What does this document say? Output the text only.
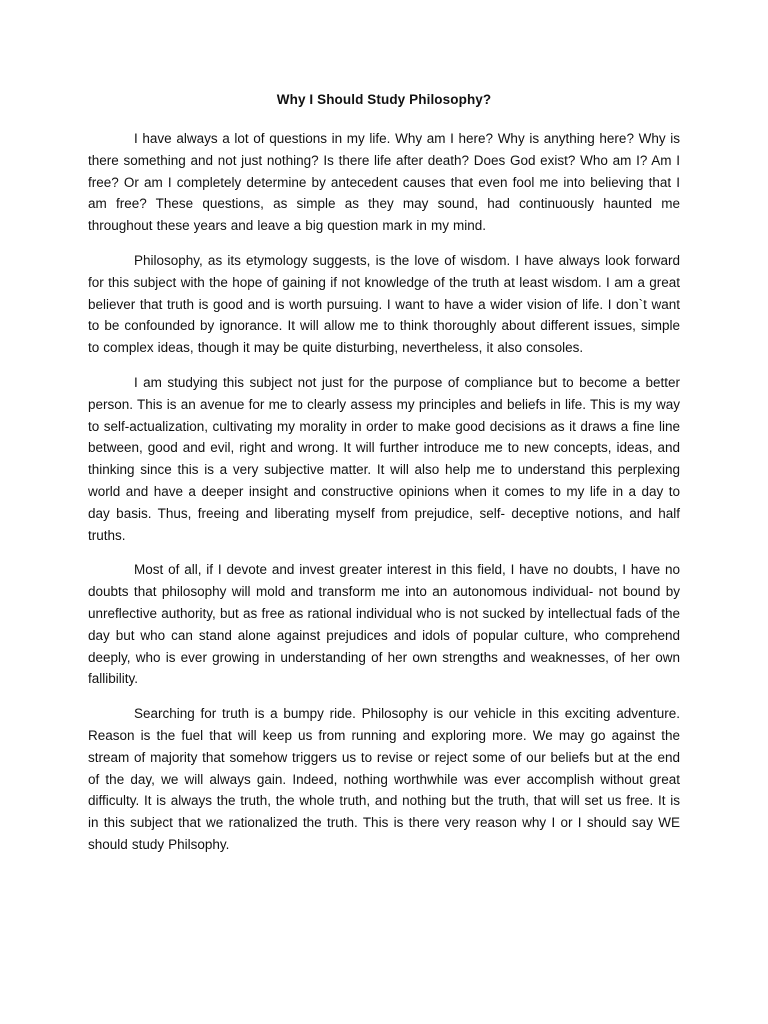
Why I Should Study Philosophy?

I have always a lot of questions in my life. Why am I here? Why is anything here? Why is there something and not just nothing? Is there life after death? Does God exist? Who am I? Am I free? Or am I completely determine by antecedent causes that even fool me into believing that I am free? These questions, as simple as they may sound, had continuously haunted me throughout these years and leave a big question mark in my mind.

Philosophy, as its etymology suggests, is the love of wisdom. I have always look forward for this subject with the hope of gaining if not knowledge of the truth at least wisdom. I am a great believer that truth is good and is worth pursuing. I want to have a wider vision of life. I don`t want to be confounded by ignorance. It will allow me to think thoroughly about different issues, simple to complex ideas, though it may be quite disturbing, nevertheless, it also consoles.

I am studying this subject not just for the purpose of compliance but to become a better person. This is an avenue for me to clearly assess my principles and beliefs in life. This is my way to self-actualization, cultivating my morality in order to make good decisions as it draws a fine line between, good and evil, right and wrong. It will further introduce me to new concepts, ideas, and thinking since this is a very subjective matter. It will also help me to understand this perplexing world and have a deeper insight and constructive opinions when it comes to my life in a day to day basis. Thus, freeing and liberating myself from prejudice, self- deceptive notions, and half truths.

Most of all, if I devote and invest greater interest in this field, I have no doubts, I have no doubts that philosophy will mold and transform me into an autonomous individual- not bound by unreflective authority, but as free as rational individual who is not sucked by intellectual fads of the day but who can stand alone against prejudices and idols of popular culture, who comprehend deeply, who is ever growing in understanding of her own strengths and weaknesses, of her own fallibility.

Searching for truth is a bumpy ride. Philosophy is our vehicle in this exciting adventure. Reason is the fuel that will keep us from running and exploring more. We may go against the stream of majority that somehow triggers us to revise or reject some of our beliefs but at the end of the day, we will always gain. Indeed, nothing worthwhile was ever accomplish without great difficulty. It is always the truth, the whole truth, and nothing but the truth, that will set us free. It is in this subject that we rationalized the truth. This is there very reason why I or I should say WE should study Philsophy.
